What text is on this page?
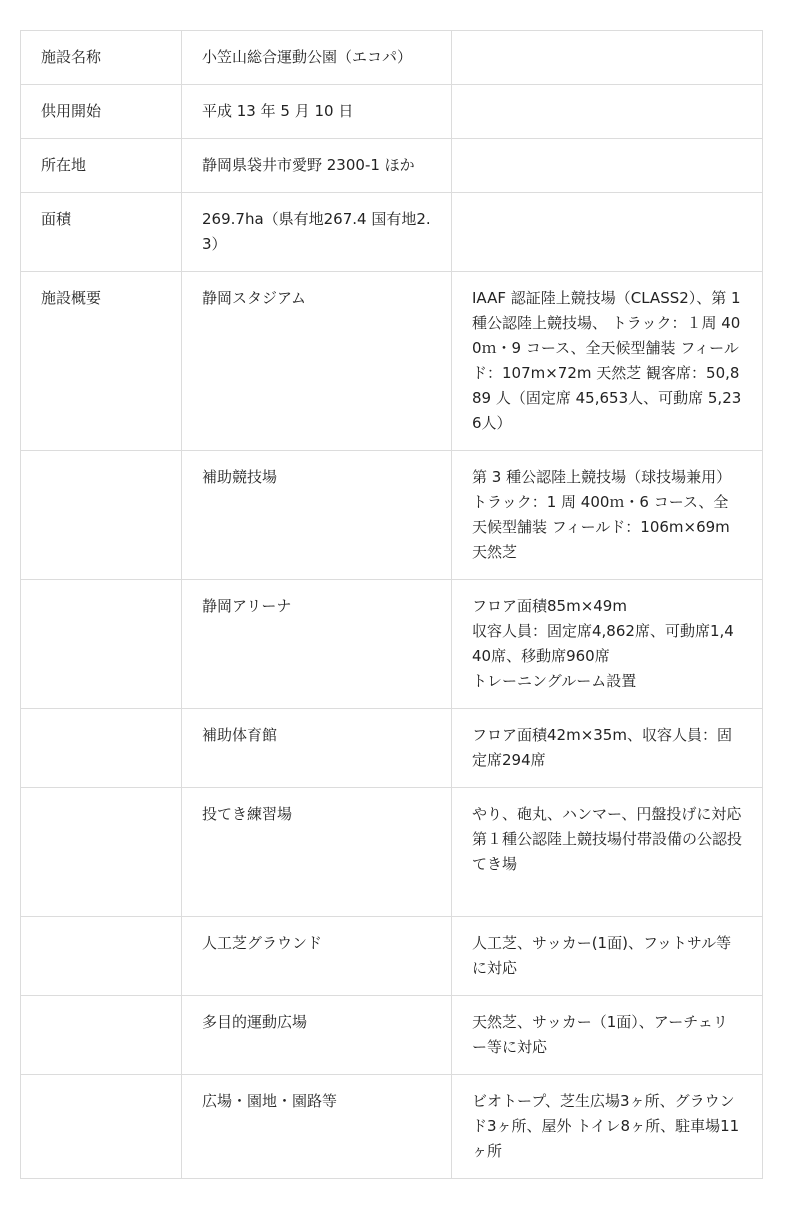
施設名称	小笠山総合運動公園（エコパ）	
供用開始	平成 13 年 5 月 10 日	
所在地	静岡県袋井市愛野 2300-1 ほか	
面積	269.7ha（県有地267.4 国有地2.3）	
施設概要	静岡スタジアム	IAAF 認証陸上競技場（CLASS2）、第 1 種公認陸上競技場、 トラック：１周 400ｍ・9 コース、全天候型舗装 フィールド：107m×72m 天然芝 観客席：50,889 人（固定席 45,653人、可動席 5,236人）
	補助競技場	第 3 種公認陸上競技場（球技場兼用） トラック：1 周 400ｍ・6 コース、全天候型舗装 フィールド：106m×69m 天然芝
	静岡アリーナ	フロア面積85m×49m
収容人員：固定席4,862席、可動席1,440席、移動席960席
トレーニングルーム設置
	補助体育館	フロア面積42m×35m、収容人員：固定席294席
	投てき練習場	やり、砲丸、ハンマー、円盤投げに対応
第１種公認陸上競技場付帯設備の公認投てき場
	人工芝グラウンド	人工芝、サッカー(1面)、フットサル等に対応
	多目的運動広場	天然芝、サッカー（1面）、アーチェリー等に対応
	広場・園地・園路等	ビオトープ、芝生広場3ヶ所、グラウンド3ヶ所、屋外 トイレ8ヶ所、駐車場11ヶ所
